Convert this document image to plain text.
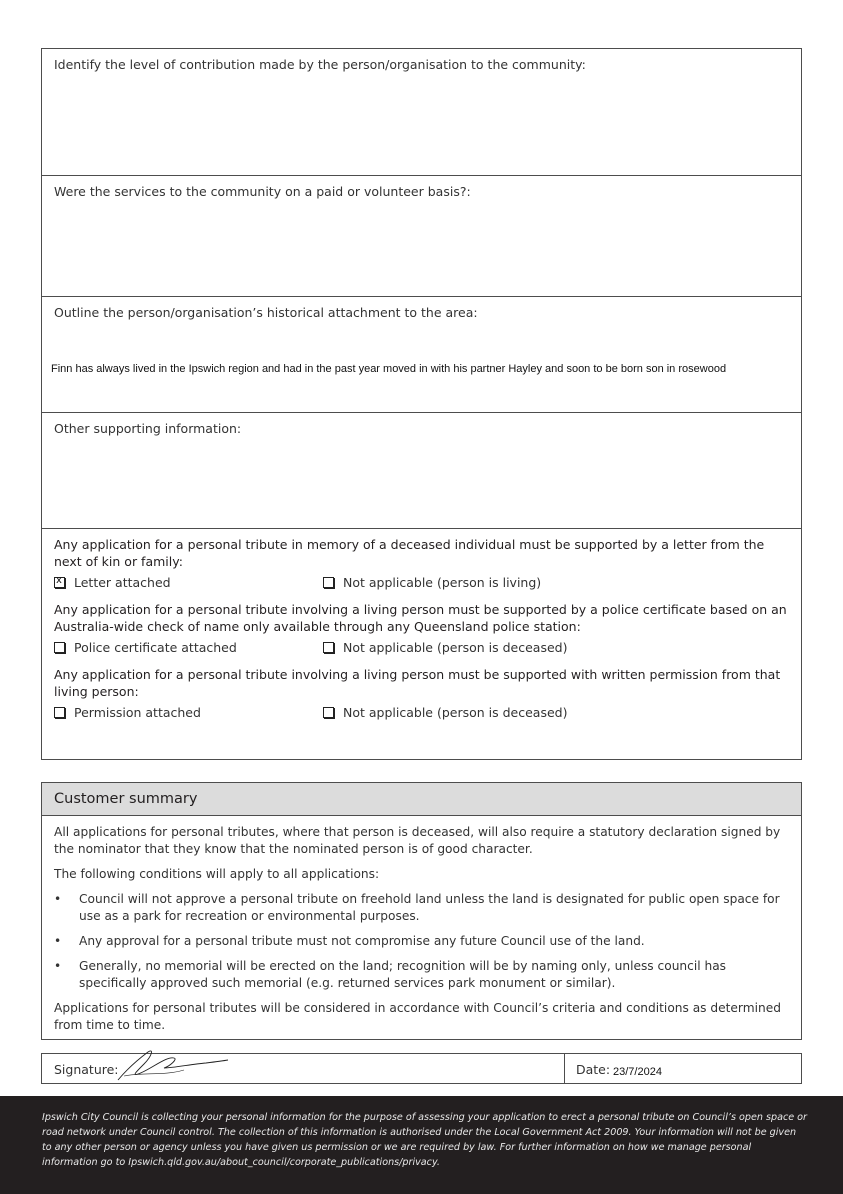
Identify the level of contribution made by the person/organisation to the community:
Were the services to the community on a paid or volunteer basis?:
Outline the person/organisation’s historical attachment to the area:
Finn has always lived in the Ipswich region and had in the past year moved in with his partner Hayley and soon to be born son in rosewood
Other supporting information:

Any application for a personal tribute in memory of a deceased individual must be supported by a letter from the next of kin or family:

x Letter attached	Not applicable (person is living)

Any application for a personal tribute involving a living person must be supported by a police certificate based on an Australia-wide check of name only available through any Queensland police station:

Police certificate attached	Not applicable (person is deceased)

Any application for a personal tribute involving a living person must be supported with written permission from that living person:

Permission attached	Not applicable (person is deceased)
Customer summary

All applications for personal tributes, where that person is deceased, will also require a statutory declaration signed by the nominator that they know that the nominated person is of good character.

The following conditions will apply to all applications:

• Council will not approve a personal tribute on freehold land unless the land is designated for public open space for use as a park for recreation or environmental purposes.
• Any approval for a personal tribute must not compromise any future Council use of the land.
• Generally, no memorial will be erected on the land; recognition will be by naming only, unless council has specifically approved such memorial (e.g. returned services park monument or similar).

Applications for personal tributes will be considered in accordance with Council’s criteria and conditions as determined from time to time.

Signature:	Date: 23/7/2024

Ipswich City Council is collecting your personal information for the purpose of assessing your application to erect a personal tribute on Council’s open space or road network under Council control. The collection of this information is authorised under the Local Government Act 2009. Your information will not be given to any other person or agency unless you have given us permission or we are required by law. For further information on how we manage personal information go to Ipswich.qld.gov.au/about_council/corporate_publications/privacy.
